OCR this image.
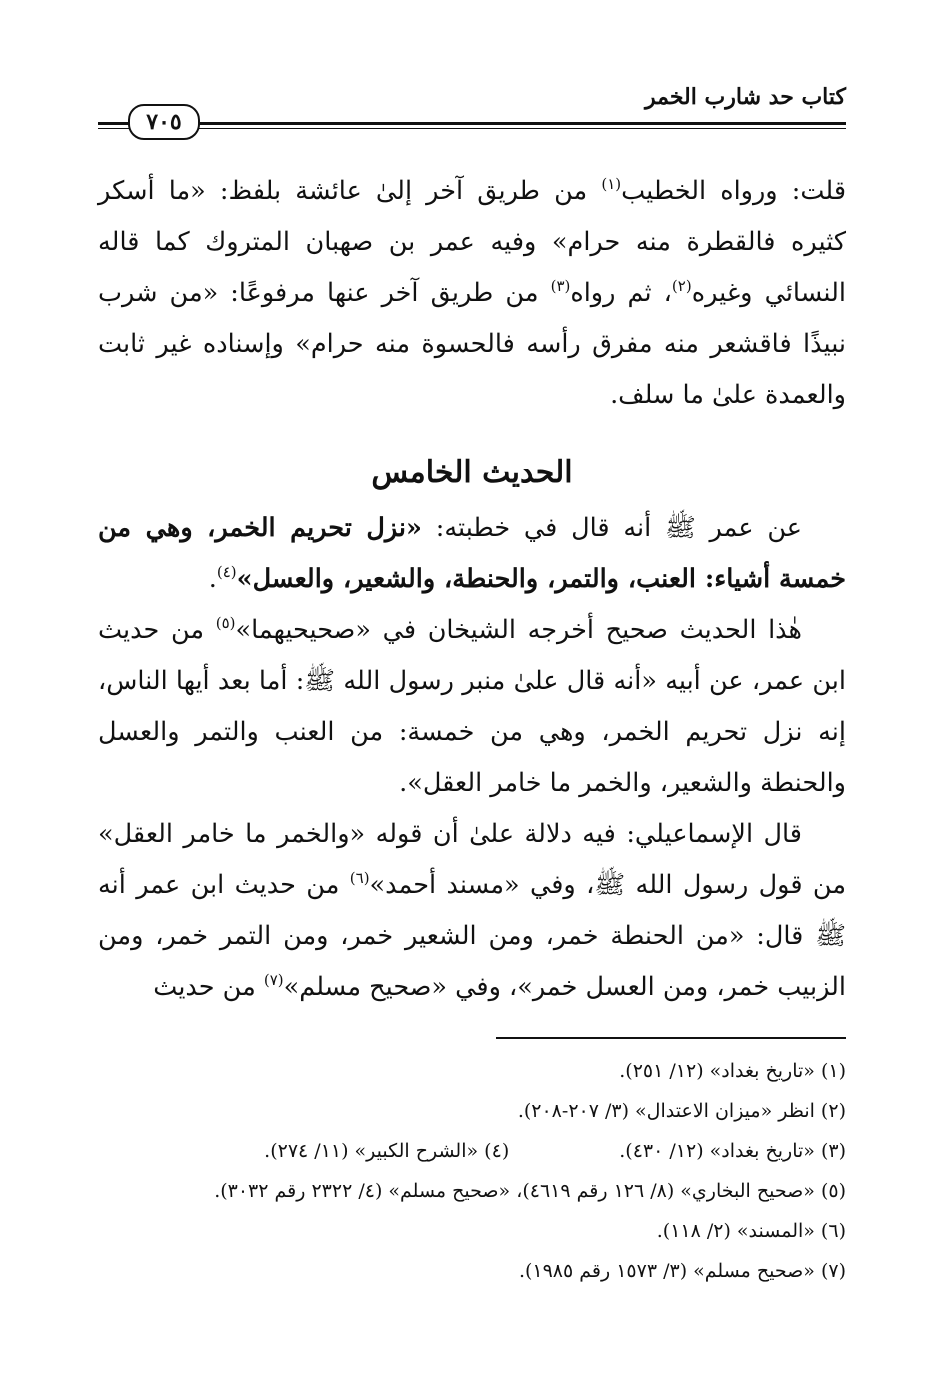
كتاب حد شارب الخمر
٧٠٥

قلت: ورواه الخطيب$^{(١)}$ من طريق آخر إلىٰ عائشة بلفظ: «ما أسكر كثيره فالقطرة منه حرام» وفيه عمر بن صهبان المتروك كما قاله النسائي وغيره$^{(٢)}$، ثم رواه$^{(٣)}$ من طريق آخر عنها مرفوعًا: «من شرب نبيذًا فاقشعر منه مفرق رأسه فالحسوة منه حرام» وإسناده غير ثابت والعمدة علىٰ ما سلف.

الحديث الخامس

عن عمر ﷺ أنه قال في خطبته: «نزل تحريم الخمر، وهي من خمسة أشياء: العنب، والتمر، والحنطة، والشعير، والعسل»$^{(٤)}$.

هٰذا الحديث صحيح أخرجه الشيخان في «صحيحيهما»$^{(٥)}$ من حديث ابن عمر، عن أبيه «أنه قال علىٰ منبر رسول الله ﷺ: أما بعد أيها الناس، إنه نزل تحريم الخمر، وهي من خمسة: من العنب والتمر والعسل والحنطة والشعير، والخمر ما خامر العقل».

قال الإسماعيلي: فيه دلالة علىٰ أن قوله «والخمر ما خامر العقل» من قول رسول الله ﷺ، وفي «مسند أحمد»$^{(٦)}$ من حديث ابن عمر أنه ﷺ قال: «من الحنطة خمر، ومن الشعير خمر، ومن التمر خمر، ومن الزبيب خمر، ومن العسل خمر»، وفي «صحيح مسلم»$^{(٧)}$ من حديث

(١) «تاريخ بغداد» (١٢/ ٢٥١).

(٢) انظر «ميزان الاعتدال» (٣/ ٢٠٧-٢٠٨).

(٣) «تاريخ بغداد» (١٢/ ٤٣٠).(٤) «الشرح الكبير» (١١/ ٢٧٤).

(٥) «صحيح البخاري» (٨/ ١٢٦ رقم ٤٦١٩)، «صحيح مسلم» (٤/ ٢٣٢٢ رقم ٣٠٣٢).

(٦) «المسند» (٢/ ١١٨).

(٧) «صحيح مسلم» (٣/ ١٥٧٣ رقم ١٩٨٥).
